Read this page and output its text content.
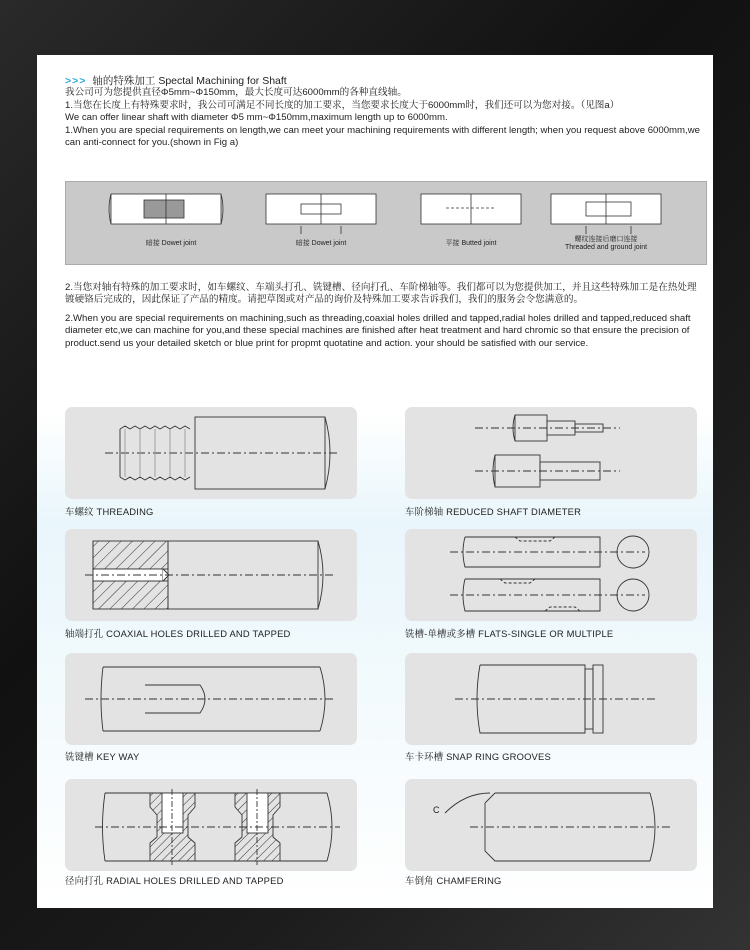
>>> 轴的特殊加工 Spectal Machining for Shaft
我公司可为您提供直径Φ5mm~Φ150mm，最大长度可达6000mm的各种直线轴。
1.当您在长度上有特殊要求时，我公司可满足不同长度的加工要求，当您要求长度大于6000mm时，我们还可以为您对接。（见图a）
We can offer linear shaft with diameter Φ5 mm~Φ150mm,maximum length up to 6000mm.
1.When you are special requirements on length,we can meet your machining requirements with different length; when you request above 6000mm,we can anti-connect for you.(shown in Fig a)
暗接 Dowet joint	暗接 Dowet joint	平接 Butted joint
螺纹连接后磨口连接
Threaded and ground joint
2.当您对轴有特殊的加工要求时，如车螺纹、车端头打孔、铣键槽、径向打孔、车阶梯轴等。我们都可以为您提供加工，并且这些特殊加工是在热处理镀硬铬后完成的，因此保证了产品的精度。请把草图或对产品的询价及特殊加工要求告诉我们，我们的服务会令您满意的。
2.When you are special requirements on machining,such as threading,coaxial holes drilled and tapped,radial holes drilled and tapped,reduced shaft diameter etc,we can machine for you,and these special machines are finished after heat treatment and hard chromic so that ensure the precision of product.send us your detailed sketch or blue print for propmt quotatine and action. your should be satisfied with our service.
车螺纹 THREADING	车阶梯轴 REDUCED SHAFT DIAMETER
轴端打孔 COAXIAL HOLES DRILLED AND TAPPED	铣槽-单槽或多槽 FLATS-SINGLE OR MULTIPLE
铣键槽 KEY WAY	车卡环槽 SNAP RING GROOVES
径向打孔 RADIAL HOLES DRILLED AND TAPPED
C
车倒角 CHAMFERING
